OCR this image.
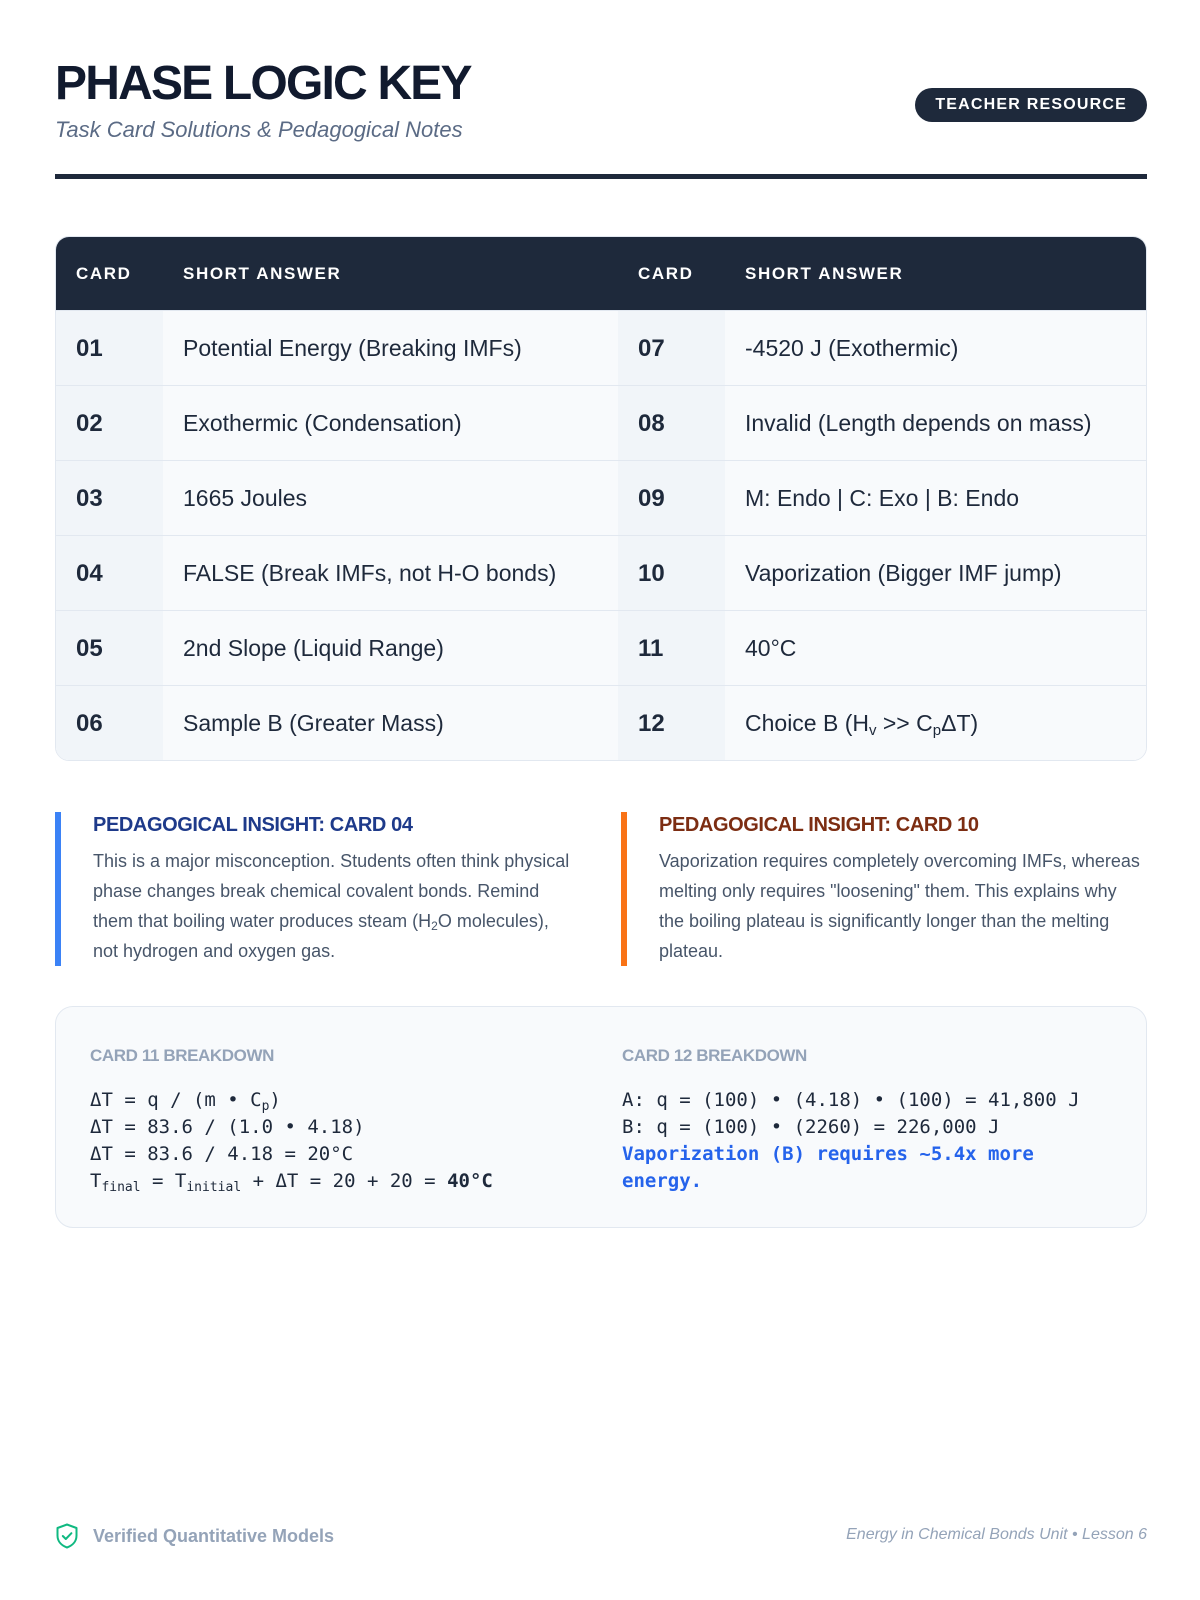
PHASE LOGIC KEY
Task Card Solutions & Pedagogical Notes
TEACHER RESOURCE
CARD	SHORT ANSWER	CARD	SHORT ANSWER
01	Potential Energy (Breaking IMFs)	07	-4520 J (Exothermic)
02	Exothermic (Condensation)	08	Invalid (Length depends on mass)
03	1665 Joules	09	M: Endo | C: Exo | B: Endo
04	FALSE (Break IMFs, not H-O bonds)	10	Vaporization (Bigger IMF jump)
05	2nd Slope (Liquid Range)	11	40°C
06	Sample B (Greater Mass)	12	Choice B $(H_v >> C_p\Delta T)$
PEDAGOGICAL INSIGHT: CARD 04
This is a major misconception. Students often think physical phase changes break chemical covalent bonds. Remind them that boiling water produces steam ($H_2O$ molecules), not hydrogen and oxygen gas.
PEDAGOGICAL INSIGHT: CARD 10
Vaporization requires completely overcoming IMFs, whereas melting only requires "loosening" them. This explains why the boiling plateau is significantly longer than the melting plateau.
CARD 11 BREAKDOWN
ΔT = q / (m • $C_p$)
ΔT = 83.6 / (1.0 • 4.18)
ΔT = 83.6 / 4.18 = 20°C
$T_{final} = T_{initial} + \Delta T = 20 + 20 = 40^\circ C$
CARD 12 BREAKDOWN
A: q = (100) • (4.18) • (100) = 41,800 J
B: q = (100) • (2260) = 226,000 J
Vaporization (B) requires ~5.4x more energy.
Verified Quantitative Models	Energy in Chemical Bonds Unit • Lesson 6
